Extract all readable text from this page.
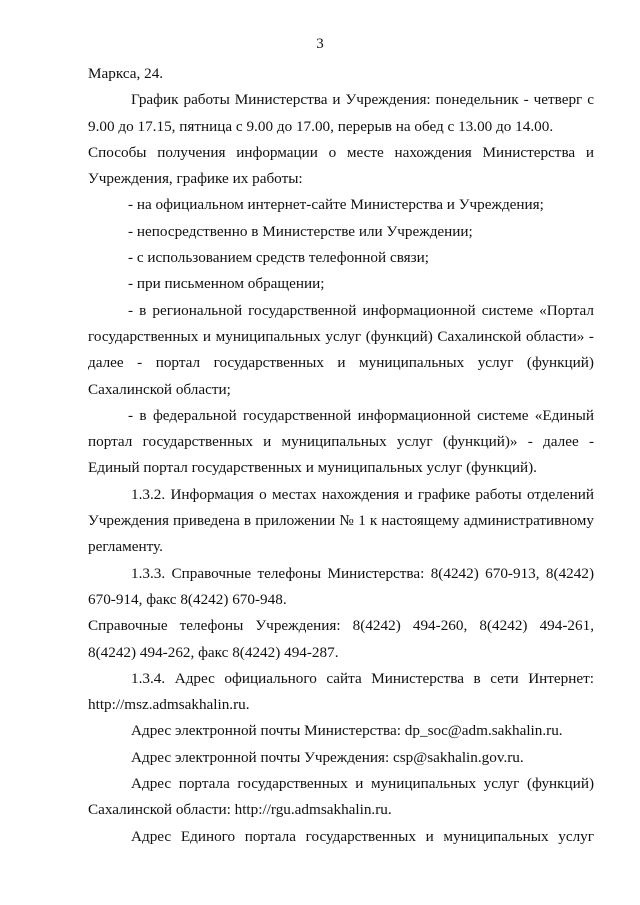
3

Маркса, 24.

График работы Министерства и Учреждения: понедельник - четверг с 9.00 до 17.15, пятница с 9.00 до 17.00, перерыв на обед с 13.00 до 14.00.

Способы получения информации о месте нахождения Министерства и Учреждения, графике их работы:

- на официальном интернет-сайте Министерства и Учреждения;

- непосредственно в Министерстве или Учреждении;

- с использованием средств телефонной связи;

- при письменном обращении;

- в региональной государственной информационной системе «Портал государственных и муниципальных услуг (функций) Сахалинской области» - далее - портал государственных и муниципальных услуг (функций) Сахалинской области;

- в федеральной государственной информационной системе «Единый портал государственных и муниципальных услуг (функций)» - далее - Единый портал государственных и муниципальных услуг (функций).

1.3.2. Информация о местах нахождения и графике работы отделений Учреждения приведена в приложении № 1 к настоящему административному регламенту.

1.3.3. Справочные телефоны Министерства: 8(4242) 670-913, 8(4242) 670-914, факс 8(4242) 670-948.

Справочные телефоны Учреждения: 8(4242) 494-260, 8(4242) 494-261, 8(4242) 494-262, факс 8(4242) 494-287.

1.3.4. Адрес официального сайта Министерства в сети Интернет: http://msz.admsakhalin.ru.

Адрес электронной почты Министерства: dp_soc@adm.sakhalin.ru.

Адрес электронной почты Учреждения: csp@sakhalin.gov.ru.

Адрес портала государственных и муниципальных услуг (функций) Сахалинской области: http://rgu.admsakhalin.ru.

Адрес Единого портала государственных и муниципальных услуг
